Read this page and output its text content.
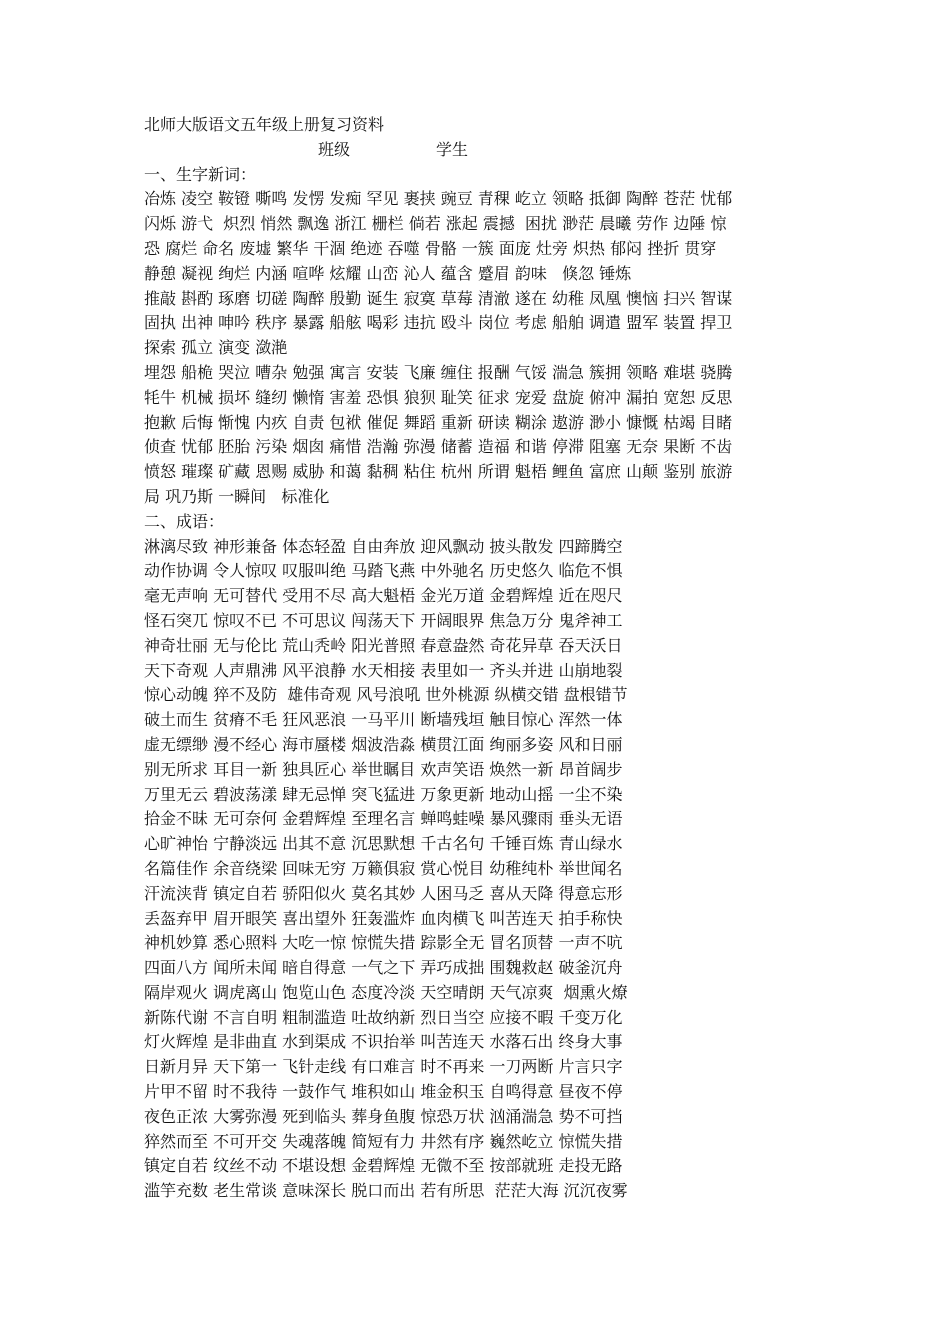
北师大版语文五年级上册复习资料
班级	学生
一、生字新词：
冶炼 凌空 鞍镫 嘶鸣 发愣 发痴 罕见 裹挟 豌豆 青稞 屹立 领略 抵御 陶醉 苍茫 忧郁
闪烁 游弋  炽烈 悄然 飘逸 浙江 栅栏 倘若 涨起 震撼  困扰 渺茫 晨曦 劳作 边陲 惊
恐 腐烂 命名 废墟 繁华 干涸 绝迹 吞噬 骨骼 一簇 面庞 灶旁 炽热 郁闷 挫折 贯穿
静憩 凝视 绚烂 内涵 喧哗 炫耀 山峦 沁人 蕴含 蹙眉 韵味   倏忽 锤炼
推敲 斟酌 琢磨 切磋 陶醉 殷勤 诞生 寂寞 草莓 清澈 遂在 幼稚 凤凰 懊恼 扫兴 智谋
固执 出神 呻吟 秩序 暴露 船舷 喝彩 违抗 殴斗 岗位 考虑 船舶 调遣 盟军 装置 捍卫
探索 孤立 演变 潋滟
埋怨 船桅 哭泣 嘈杂 勉强 寓言 安装 飞廉 缠住 报酬 气馁 湍急 簇拥 领略 难堪 骁腾
牦牛 机械 损坏 缝纫 懒惰 害羞 恐惧 狼狈 耻笑 征求 宠爱 盘旋 俯冲 漏拍 宽恕 反思
抱歉 后悔 惭愧 内疚 自责 包袱 催促 舞蹈 重新 研读 糊涂 遨游 渺小 慷慨 枯竭 目睹
侦查 忧郁 胚胎 污染 烟囱 痛惜 浩瀚 弥漫 储蓄 造福 和谐 停滞 阻塞 无奈 果断 不齿
愤怒 璀璨 矿藏 恩赐 威胁 和蔼 黏稠 粘住 杭州 所谓 魁梧 鲤鱼 富庶 山颠 鉴别 旅游
局 巩乃斯 一瞬间   标准化
二、成语：
淋漓尽致 神形兼备 体态轻盈 自由奔放 迎风飘动 披头散发 四蹄腾空
动作协调 令人惊叹 叹服叫绝 马踏飞燕 中外驰名 历史悠久 临危不惧
毫无声响 无可替代 受用不尽 高大魁梧 金光万道 金碧辉煌 近在咫尺
怪石突兀 惊叹不已 不可思议 闯荡天下 开阔眼界 焦急万分 鬼斧神工
神奇壮丽 无与伦比 荒山秃岭 阳光普照 春意盎然 奇花异草 吞天沃日
天下奇观 人声鼎沸 风平浪静 水天相接 表里如一 齐头并进 山崩地裂
惊心动魄 猝不及防  雄伟奇观 风号浪吼 世外桃源 纵横交错 盘根错节
破土而生 贫瘠不毛 狂风恶浪 一马平川 断墙残垣 触目惊心 浑然一体
虚无缥缈 漫不经心 海市蜃楼 烟波浩淼 横贯江面 绚丽多姿 风和日丽
别无所求 耳目一新 独具匠心 举世瞩目 欢声笑语 焕然一新 昂首阔步
万里无云 碧波荡漾 肆无忌惮 突飞猛进 万象更新 地动山摇 一尘不染
拾金不昧 无可奈何 金碧辉煌 至理名言 蝉鸣蛙噪 暴风骤雨 垂头无语
心旷神怡 宁静淡远 出其不意 沉思默想 千古名句 千锤百炼 青山绿水
名篇佳作 余音绕梁 回味无穷 万籁俱寂 赏心悦目 幼稚纯朴 举世闻名
汗流浃背 镇定自若 骄阳似火 莫名其妙 人困马乏 喜从天降 得意忘形
丢盔弃甲 眉开眼笑 喜出望外 狂轰滥炸 血肉横飞 叫苦连天 拍手称快
神机妙算 悉心照料 大吃一惊 惊慌失措 踪影全无 冒名顶替 一声不吭
四面八方 闻所未闻 暗自得意 一气之下 弄巧成拙 围魏救赵 破釜沉舟
隔岸观火 调虎离山 饱览山色 态度冷淡 天空晴朗 天气凉爽  烟熏火燎
新陈代谢 不言自明 粗制滥造 吐故纳新 烈日当空 应接不暇 千变万化
灯火辉煌 是非曲直 水到渠成 不识抬举 叫苦连天 水落石出 终身大事
日新月异 天下第一 飞针走线 有口难言 时不再来 一刀两断 片言只字
片甲不留 时不我待 一鼓作气 堆积如山 堆金积玉 自鸣得意 昼夜不停
夜色正浓 大雾弥漫 死到临头 葬身鱼腹 惊恐万状 汹涌湍急 势不可挡
猝然而至 不可开交 失魂落魄 简短有力 井然有序 巍然屹立 惊慌失措
镇定自若 纹丝不动 不堪设想 金碧辉煌 无微不至 按部就班 走投无路
滥竽充数 老生常谈 意味深长 脱口而出 若有所思  茫茫大海 沉沉夜雾
